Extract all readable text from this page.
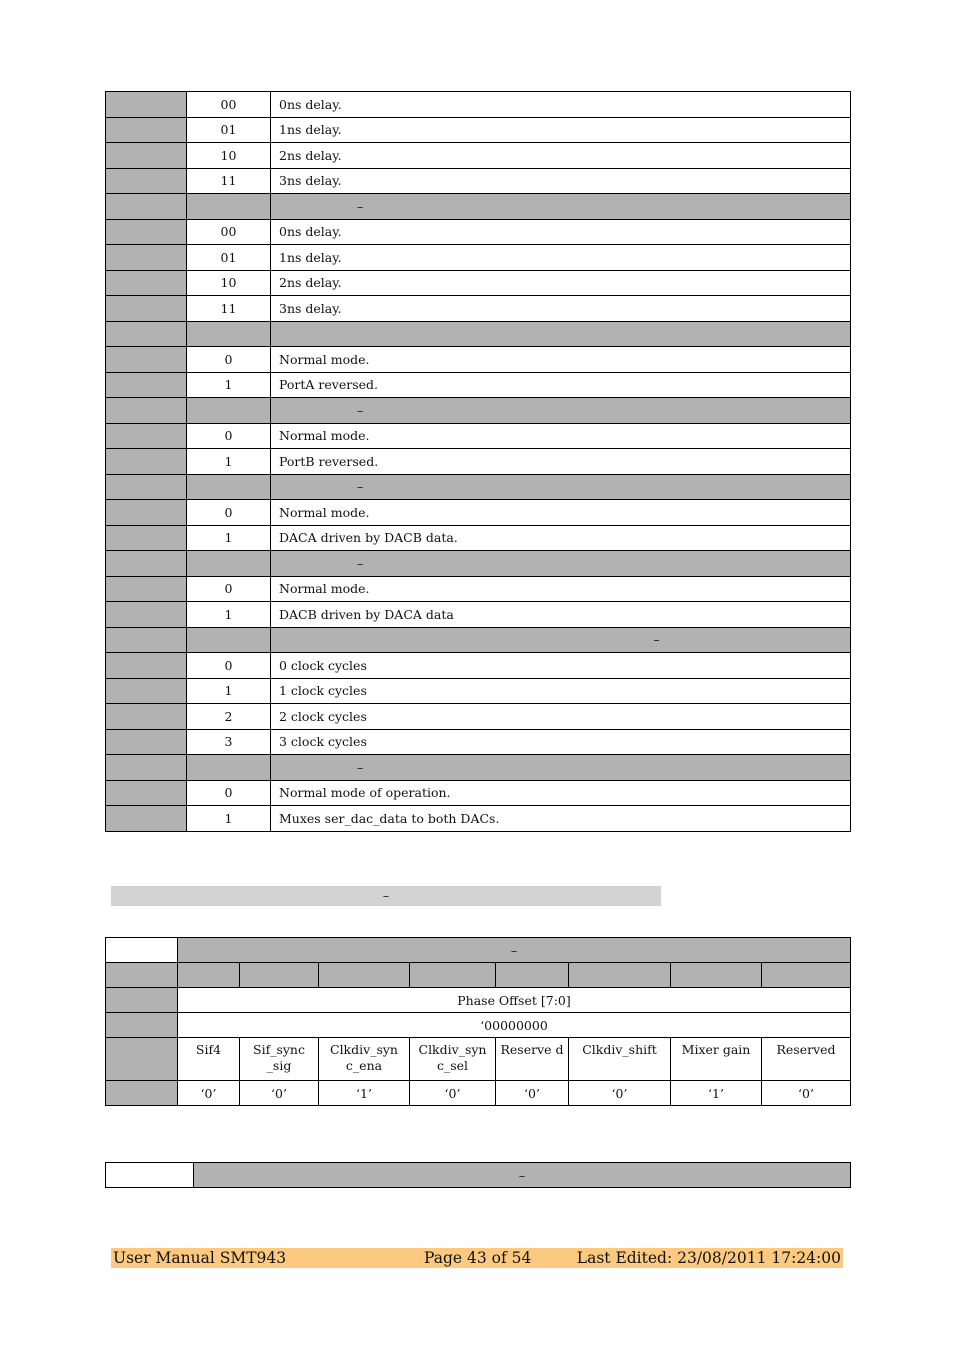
	00	0ns delay.
	01	1ns delay.
	10	2ns delay.
	11	3ns delay.
		–
	00	0ns delay.
	01	1ns delay.
	10	2ns delay.
	11	3ns delay.

	0	Normal mode.
	1	PortA reversed.
		–
	0	Normal mode.
	1	PortB reversed.
		–
	0	Normal mode.
	1	DACA driven by DACB data.
		–
	0	Normal mode.
	1	DACB driven by DACA data
		–
	0	0 clock cycles
	1	1 clock cycles
	2	2 clock cycles
	3	3 clock cycles
		–
	0	Normal mode of operation.
	1	Muxes ser_dac_data to both DACs.
–
	–							

	Phase Offset [7:0]							
	‘00000000							
	Sif4	Sif_sync _sig	Clkdiv_syn c_ena	Clkdiv_syn c_sel	Reserve d	Clkdiv_shift	Mixer gain	Reserved
	‘0’	‘0’	‘1’	‘0’	‘0’	‘0’	‘1’	‘0’
	–
User Manual SMT943	Page 43 of 54	Last Edited: 23/08/2011 17:24:00
